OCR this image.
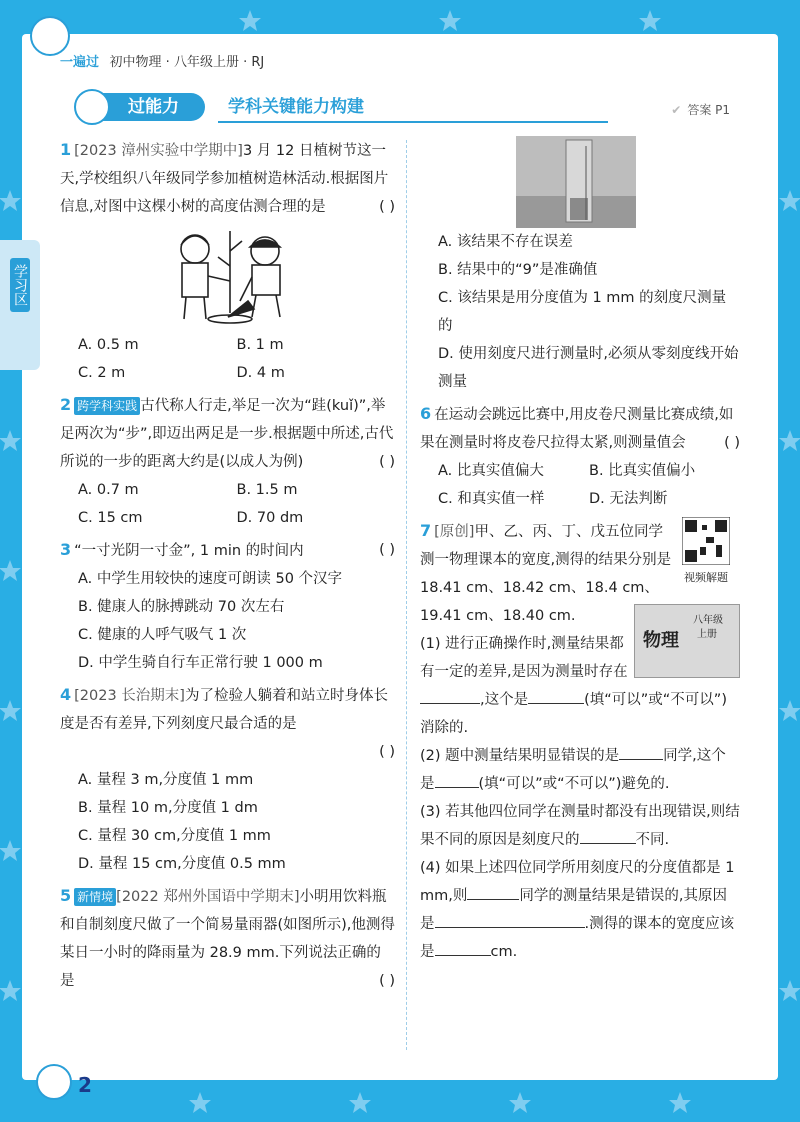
一遍过 初中物理 · 八年级上册 · RJ
过能力	学科关键能力构建	✔ 答案 P1
学习区
1 [2023 漳州实验中学期中]3 月 12 日植树节这一天,学校组织八年级同学参加植树造林活动.根据图片信息,对图中这棵小树的高度估测合理的是	( )
A. 0.5 m	B. 1 m
C. 2 m	D. 4 m
2 跨学科实践 古代称人行走,举足一次为“跬(kuǐ)”,举足两次为“步”,即迈出两足是一步.根据题中所述,古代所说的一步的距离大约是(以成人为例)	( )
A. 0.7 m	B. 1.5 m
C. 15 cm	D. 70 dm
3 “一寸光阴一寸金”, 1 min 的时间内	( )
A. 中学生用较快的速度可朗读 50 个汉字
B. 健康人的脉搏跳动 70 次左右
C. 健康的人呼气吸气 1 次
D. 中学生骑自行车正常行驶 1 000 m
4 [2023 长治期末]为了检验人躺着和站立时身体长度是否有差异,下列刻度尺最合适的是
( )
A. 量程 3 m,分度值 1 mm
B. 量程 10 m,分度值 1 dm
C. 量程 30 cm,分度值 1 mm
D. 量程 15 cm,分度值 0.5 mm
5 新情境 [2022 郑州外国语中学期末]小明用饮料瓶和自制刻度尺做了一个简易量雨器(如图所示),他测得某日一小时的降雨量为 28.9 mm.下列说法正确的是	( )
A. 该结果不存在误差
B. 结果中的“9”是准确值
C. 该结果是用分度值为 1 mm 的刻度尺测量的
D. 使用刻度尺进行测量时,必须从零刻度线开始测量
6 在运动会跳远比赛中,用皮卷尺测量比赛成绩,如果在测量时将皮卷尺拉得太紧,则测量值会	( )
A. 比真实值偏大	B. 比真实值偏小
C. 和真实值一样	D. 无法判断
视频解题
7 [原创]甲、乙、丙、丁、戊五位同学测一物理课本的宽度,测得的结果分别是 18.41 cm、18.42 cm、18.4 cm、19.41 cm、18.40 cm.	八年级
上册
物理
(1) 进行正确操作时,测量结果都有一定的差异,是因为测量时存在,这个是	(填“可以”或“不可以”)消除的.
(2) 题中测量结果明显错误的是	同学,这个是	(填“可以”或“不可以”)避免的.
(3) 若其他四位同学在测量时都没有出现错误,则结果不同的原因是刻度尺的	不同.
(4) 如果上述四位同学所用刻度尺的分度值都是 1 mm,则	同学的测量结果是错误的,其原因是	.测得的课本的宽度应该是	cm.
2
